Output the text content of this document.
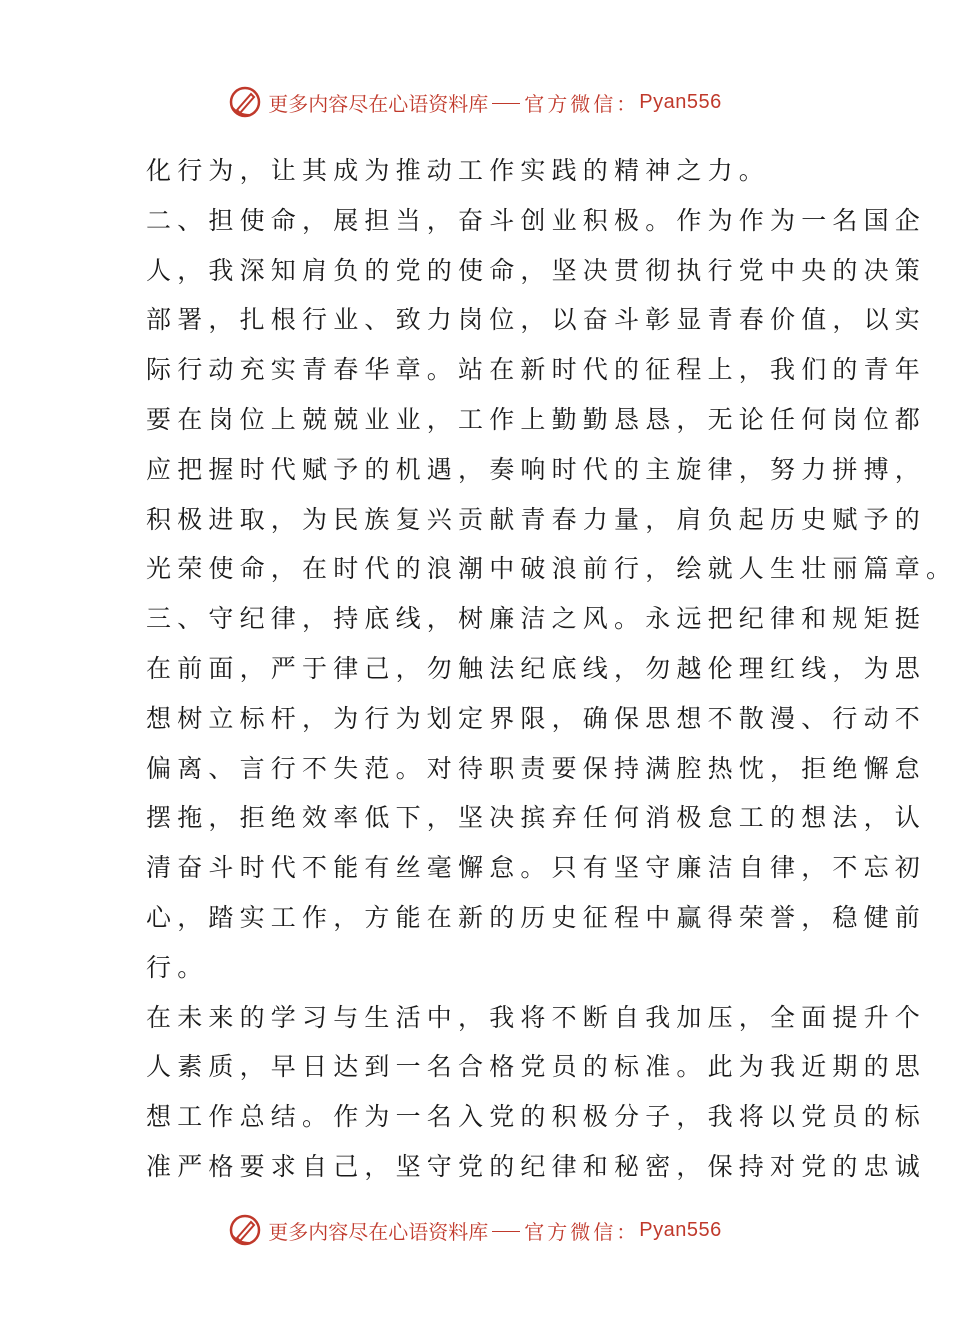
更多内容尽在心语资料库 官方微信： Pyan556
化行为，让其成为推动工作实践的精神之力。
二、担使命，展担当，奋斗创业积极。作为作为一名国企
人，我深知肩负的党的使命，坚决贯彻执行党中央的决策
部署，扎根行业、致力岗位，以奋斗彰显青春价值，以实
际行动充实青春华章。站在新时代的征程上，我们的青年
要在岗位上兢兢业业，工作上勤勤恳恳，无论任何岗位都
应把握时代赋予的机遇，奏响时代的主旋律，努力拼搏，
积极进取，为民族复兴贡献青春力量，肩负起历史赋予的
光荣使命，在时代的浪潮中破浪前行，绘就人生壮丽篇章。
三、守纪律，持底线，树廉洁之风。永远把纪律和规矩挺
在前面，严于律己，勿触法纪底线，勿越伦理红线，为思
想树立标杆，为行为划定界限，确保思想不散漫、行动不
偏离、言行不失范。对待职责要保持满腔热忱，拒绝懈怠
摆拖，拒绝效率低下，坚决摈弃任何消极怠工的想法，认
清奋斗时代不能有丝毫懈怠。只有坚守廉洁自律，不忘初
心，踏实工作，方能在新的历史征程中赢得荣誉，稳健前
行。
在未来的学习与生活中，我将不断自我加压，全面提升个
人素质，早日达到一名合格党员的标准。此为我近期的思
想工作总结。作为一名入党的积极分子，我将以党员的标
准严格要求自己，坚守党的纪律和秘密，保持对党的忠诚
更多内容尽在心语资料库 官方微信： Pyan556
